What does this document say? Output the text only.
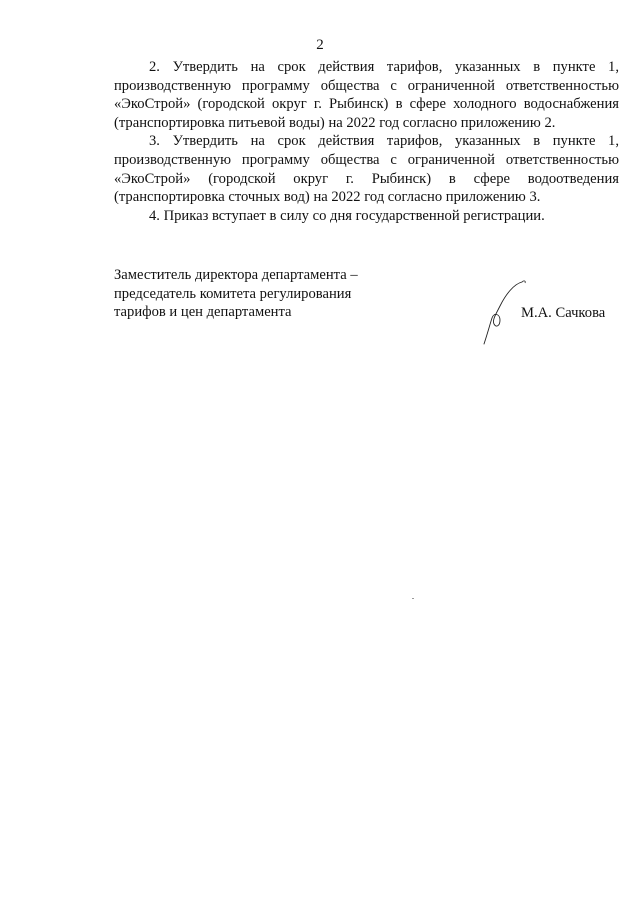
2

2. Утвердить на срок действия тарифов, указанных в пункте 1, производственную программу общества с ограниченной ответственностью «ЭкоСтрой» (городской округ г. Рыбинск) в сфере холодного водоснабжения (транспортировка питьевой воды) на 2022 год согласно приложению 2.

3. Утвердить на срок действия тарифов, указанных в пункте 1, производственную программу общества с ограниченной ответственностью «ЭкоСтрой» (городской округ г. Рыбинск) в сфере водоотведения (транспортировка сточных вод) на 2022 год согласно приложению 3.

4. Приказ вступает в силу со дня государственной регистрации.

Заместитель директора департамента –
председатель комитета регулирования
тарифов и цен департамента	М.А. Сачкова
